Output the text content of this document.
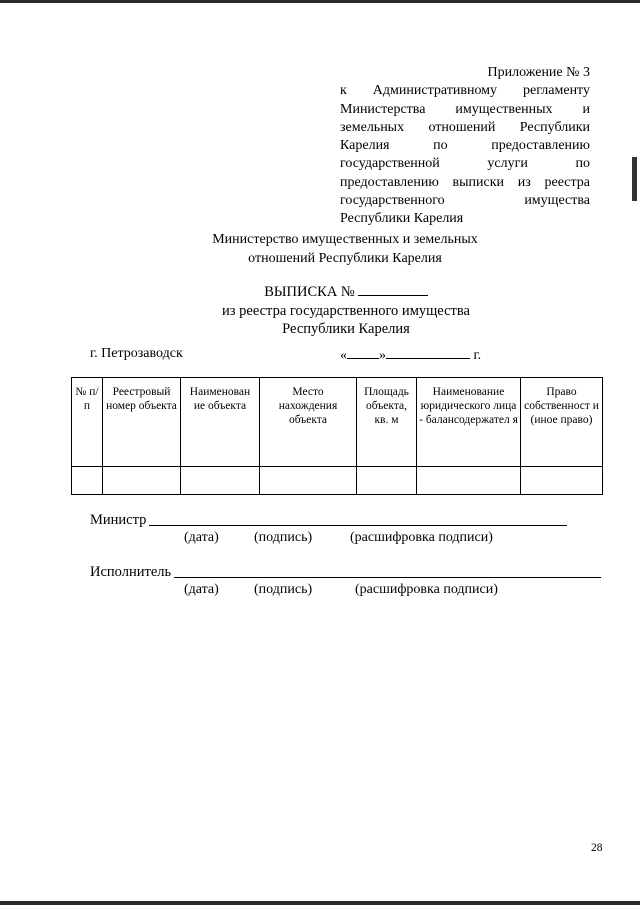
Приложение № 3
к Административному регламенту
Министерства имущественных и
земельных отношений Республики
Карелия по предоставлению
государственной услуги по
предоставлению выписки из реестра
государственного имущества
Республики Карелия
Министерство имущественных и земельных
отношений Республики Карелия
ВЫПИСКА №
из реестра государственного имущества
Республики Карелия
г. Петрозаводск	« »	г.
№ п/п	Реестровый номер объекта	Наименован ие объекта	Место нахождения объекта	Площадь объекта, кв. м	Наименование юридического лица - балансодержател я	Право собственност и (иное право)

Министр
(дата)	(подпись)	(расшифровка подписи)
Исполнитель
(дата)	(подпись)	(расшифровка подписи)
28
